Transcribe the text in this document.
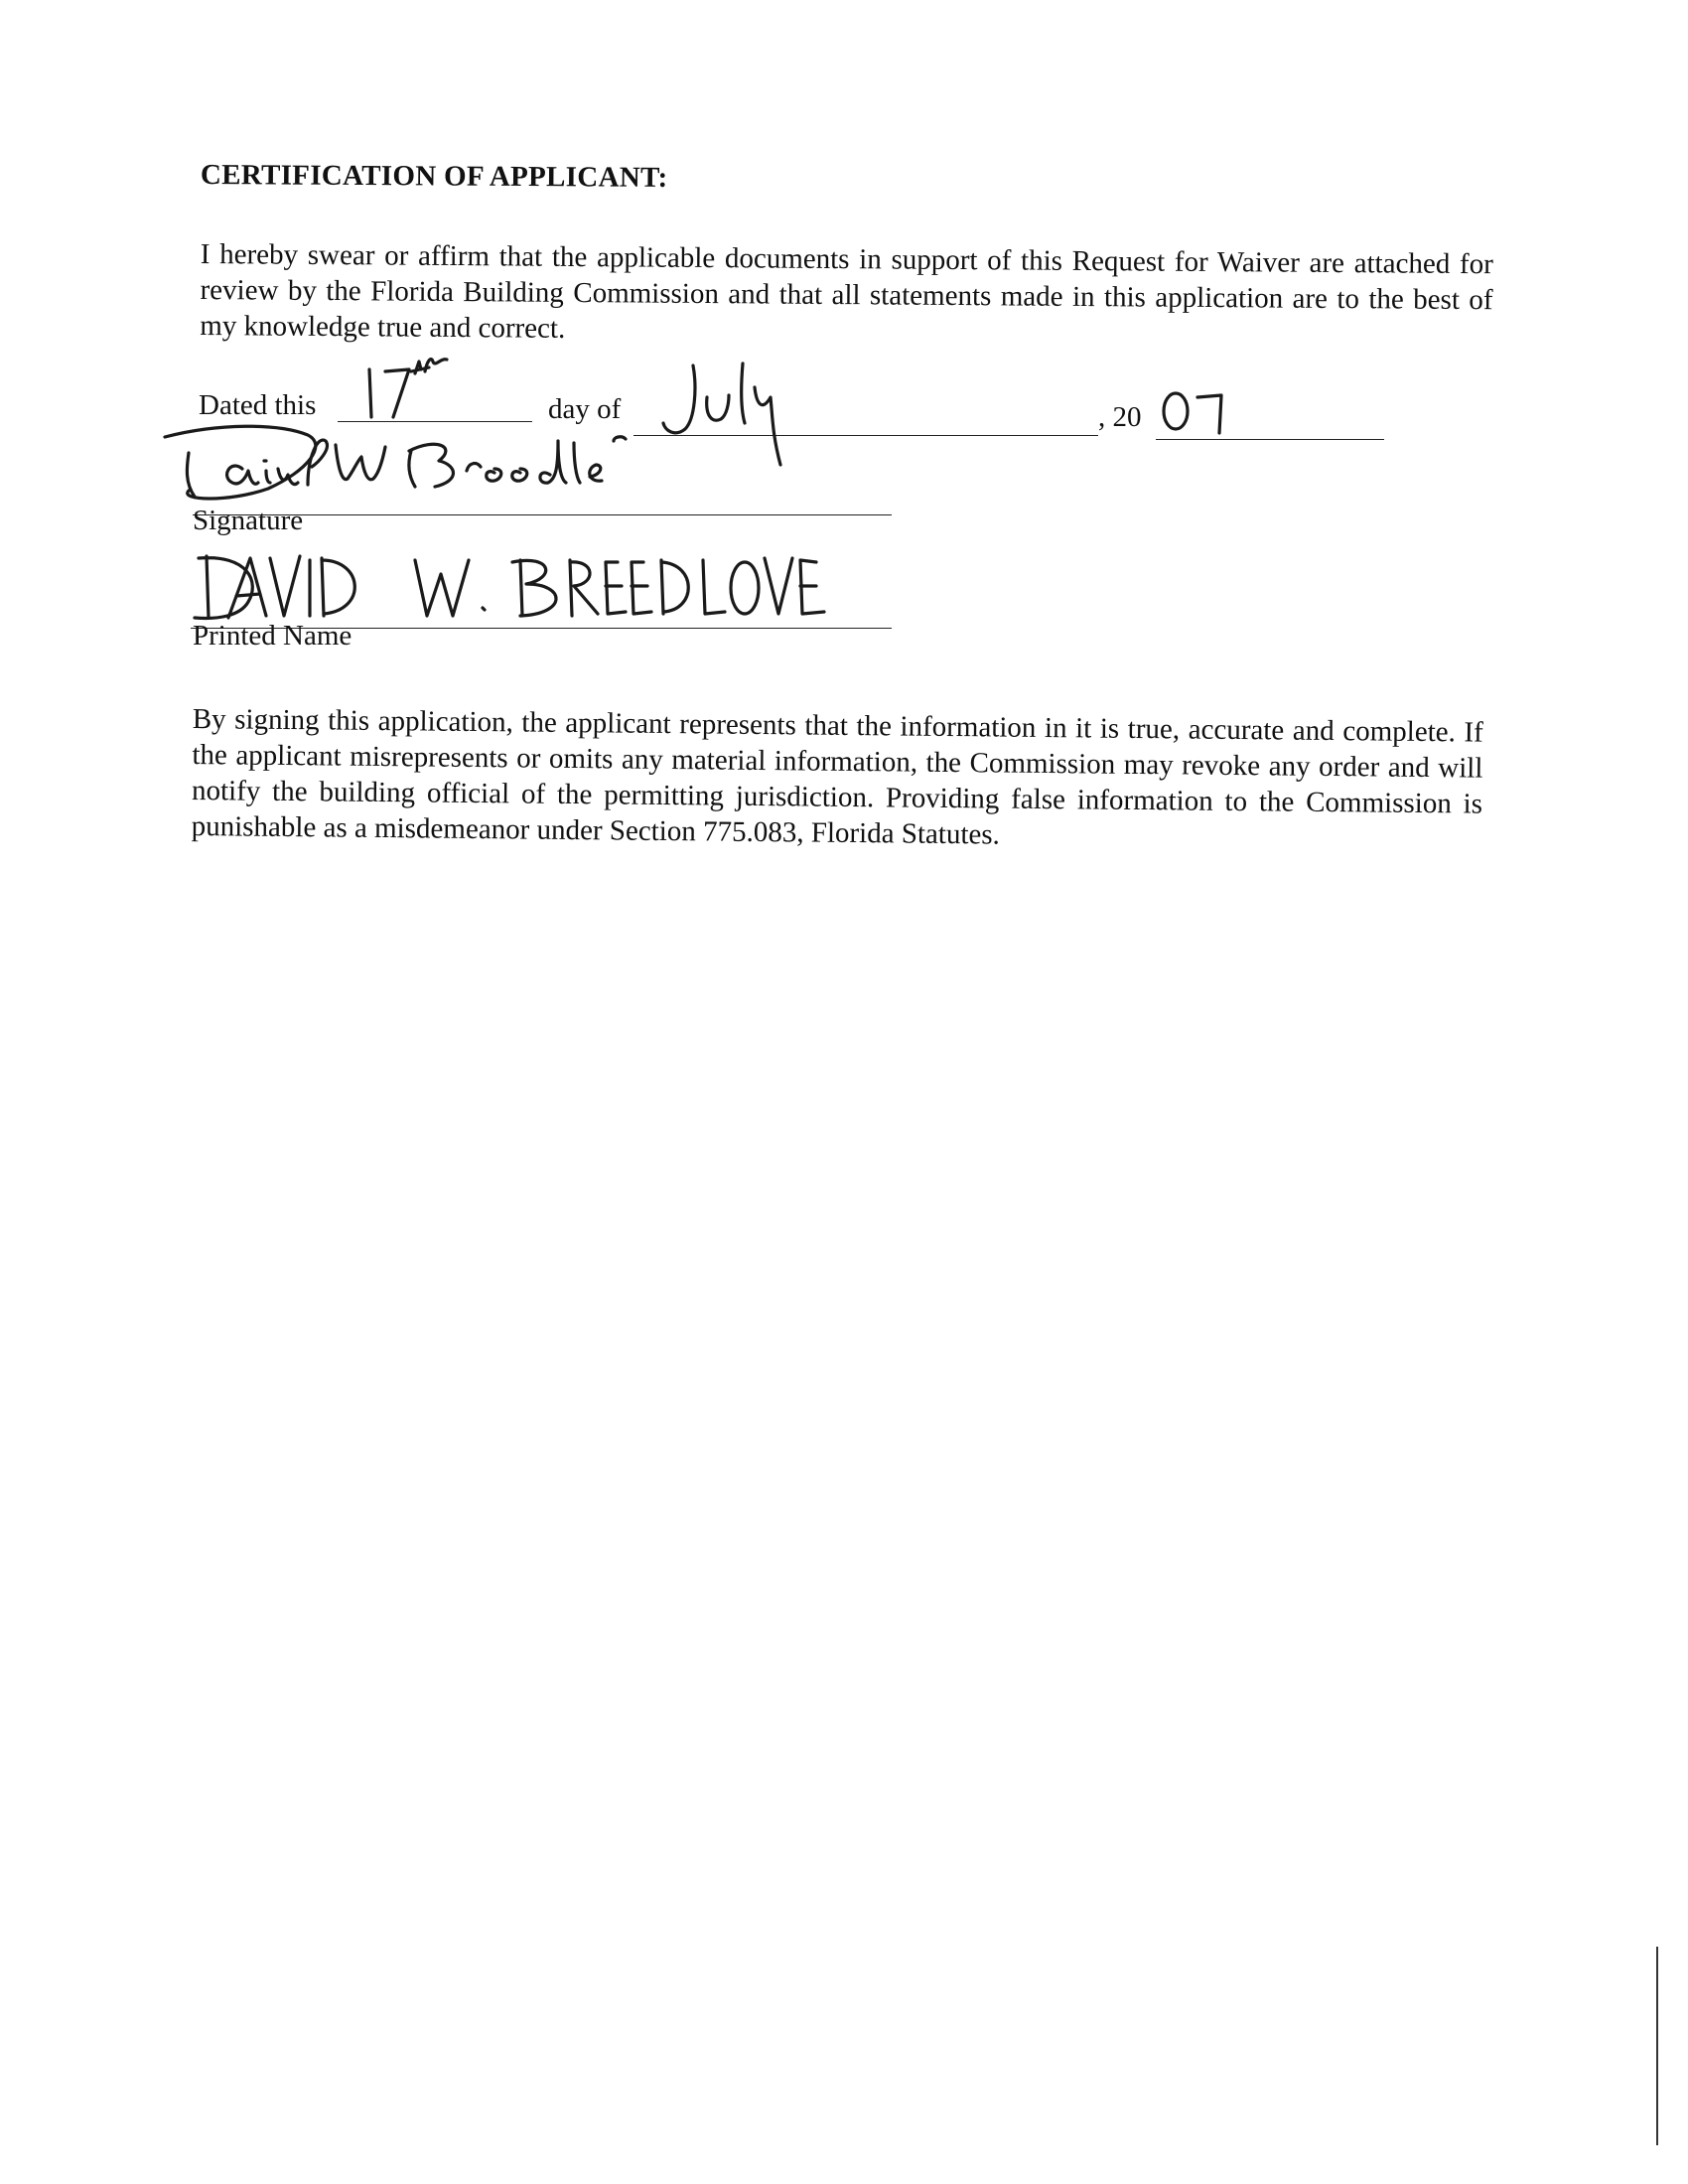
CERTIFICATION OF APPLICANT:
I hereby swear or affirm that the applicable documents in support of this Request for Waiver are attached for review by the Florida Building Commission and that all statements made in this application are to the best of my knowledge true and correct.
Dated this	day of	, 20
Signature
Printed Name
By signing this application, the applicant represents that the information in it is true, accurate and complete. If the applicant misrepresents or omits any material information, the Commission may revoke any order and will notify the building official of the permitting jurisdiction. Providing false information to the Commission is punishable as a misdemeanor under Section 775.083, Florida Statutes.
